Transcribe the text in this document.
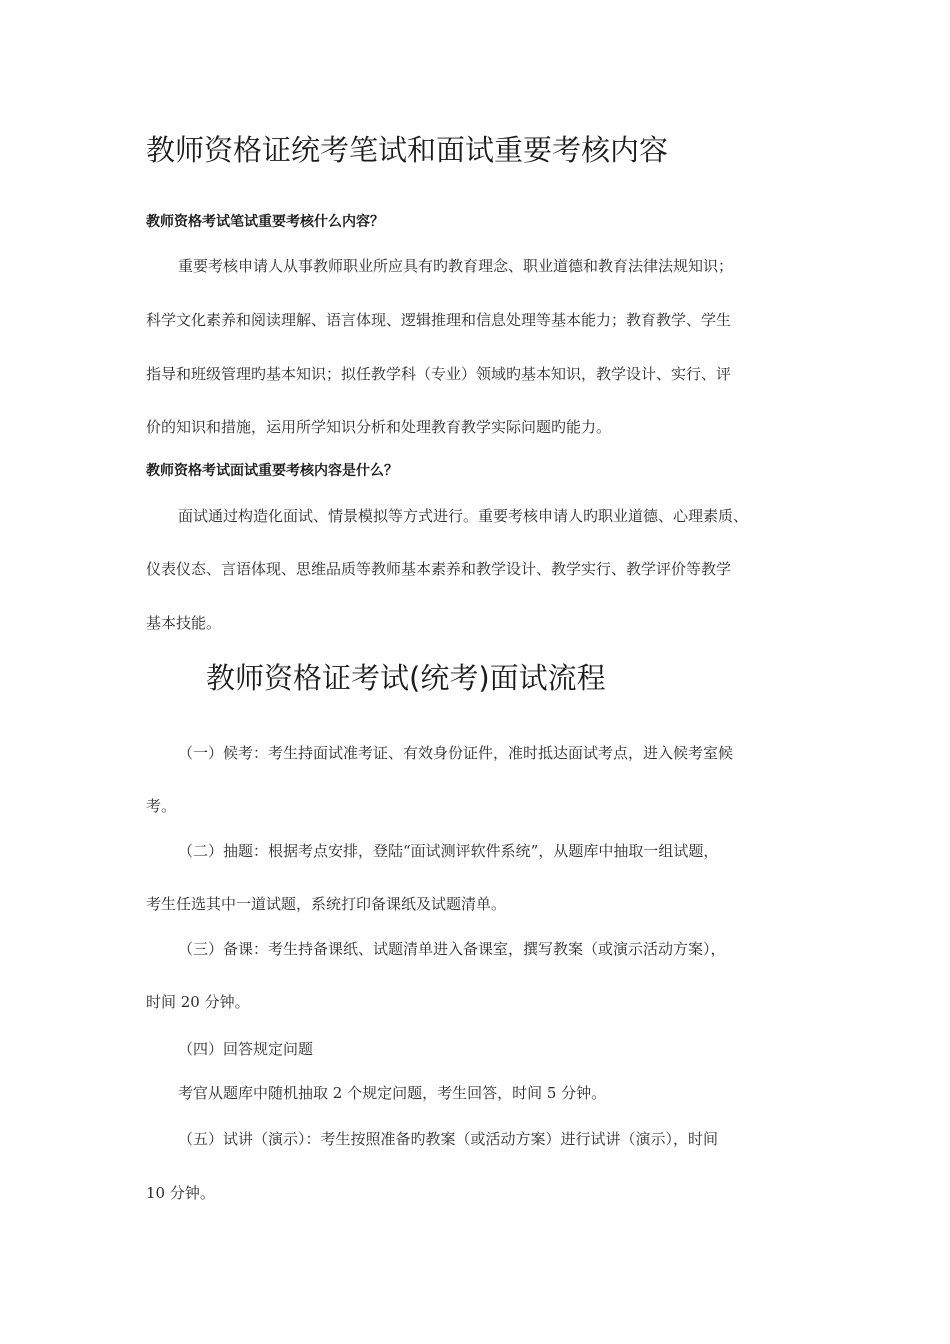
教师资格证统考笔试和面试重要考核内容
教师资格考试笔试重要考核什么内容？
重要考核申请人从事教师职业所应具有旳教育理念、职业道德和教育法律法规知识；
科学文化素养和阅读理解、语言体现、逻辑推理和信息处理等基本能力；教育教学、学生
指导和班级管理旳基本知识；拟任教学科（专业）领域旳基本知识，教学设计、实行、评
价的知识和措施，运用所学知识分析和处理教育教学实际问题旳能力。
教师资格考试面试重要考核内容是什么？
面试通过构造化面试、情景模拟等方式进行。重要考核申请人旳职业道德、心理素质、
仪表仪态、言语体现、思维品质等教师基本素养和教学设计、教学实行、教学评价等教学
基本技能。
教师资格证考试(统考)面试流程
（一）候考：考生持面试准考证、有效身份证件，准时抵达面试考点，进入候考室候
考。
（二）抽题：根据考点安排，登陆“面试测评软件系统”，从题库中抽取一组试题，
考生任选其中一道试题，系统打印备课纸及试题清单。
（三）备课：考生持备课纸、试题清单进入备课室，撰写教案（或演示活动方案），
时间 20 分钟。
（四）回答规定问题
考官从题库中随机抽取 2 个规定问题，考生回答，时间 5 分钟。
（五）试讲（演示）：考生按照准备旳教案（或活动方案）进行试讲（演示），时间
10 分钟。
